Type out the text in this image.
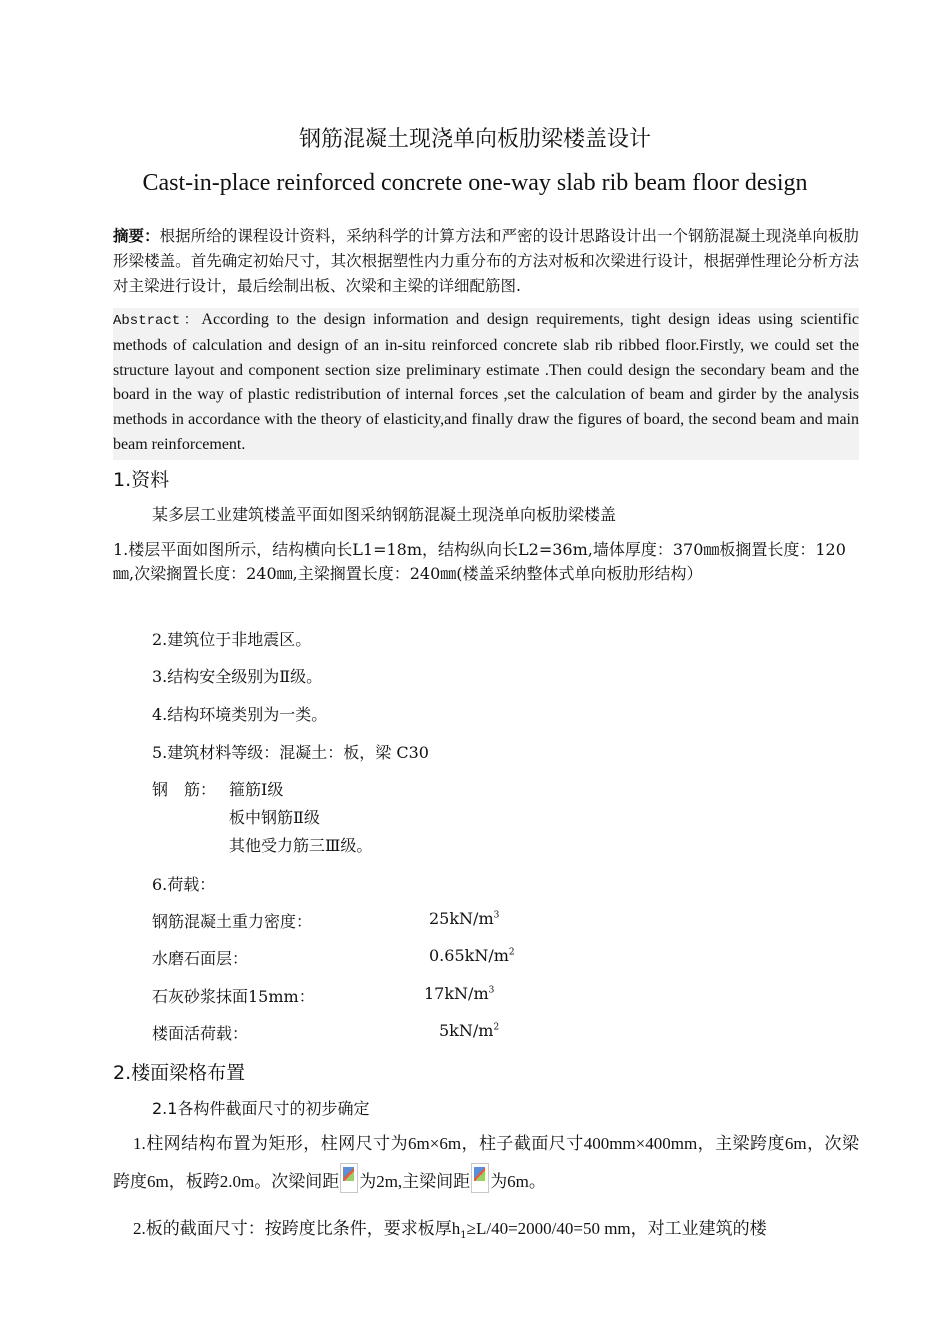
钢筋混凝土现浇单向板肋梁楼盖设计
Cast-in-place reinforced concrete one-way slab rib beam floor design
摘要：根据所给的课程设计资料，采纳科学的计算方法和严密的设计思路设计出一个钢筋混凝土现浇单向板肋形梁楼盖。首先确定初始尺寸，其次根据塑性内力重分布的方法对板和次梁进行设计，根据弹性理论分析方法对主梁进行设计，最后绘制出板、次梁和主梁的详细配筋图.
Abstract：According to the design information and design requirements, tight design ideas using scientific methods of calculation and design of an in-situ reinforced concrete slab rib ribbed floor.Firstly, we could set the structure layout and component section size preliminary estimate .Then could design the secondary beam and the board in the way of plastic redistribution of internal forces ,set the calculation of beam and girder by the analysis methods in accordance with the theory of elasticity,and finally draw the figures of board, the second beam and main beam reinforcement.
1.资料
某多层工业建筑楼盖平面如图采纳钢筋混凝土现浇单向板肋梁楼盖
1.楼层平面如图所示，结构横向长L1=18m，结构纵向长L2=36m,墙体厚度：370㎜板搁置长度：120㎜,次梁搁置长度：240㎜,主梁搁置长度：240㎜(楼盖采纳整体式单向板肋形结构）
2.建筑位于非地震区。
3.结构安全级别为Ⅱ级。
4.结构环境类别为一类。
5.建筑材料等级：混凝土：板，梁 C30
钢　筋： 箍筋Ⅰ级
板中钢筋Ⅱ级
其他受力筋三Ⅲ级。
6.荷载：
钢筋混凝土重力密度：	$25kN/m^3$
水磨石面层：	$0.65kN/m^2$
石灰砂浆抹面15mm：	$17kN/m^3$
楼面活荷载：	$5kN/m^2$
2.楼面梁格布置
2.1各构件截面尺寸的初步确定
1.柱网结构布置为矩形，柱网尺寸为6m×6m，柱子截面尺寸400mm×400mm，主梁跨度6m，次梁跨度6m，板跨2.0m。次梁间距 为2m,主梁间距 为6m。
2.板的截面尺寸：按跨度比条件，要求板厚$h_1\ge L/40=2000/40=50$ mm，对工业建筑的楼
